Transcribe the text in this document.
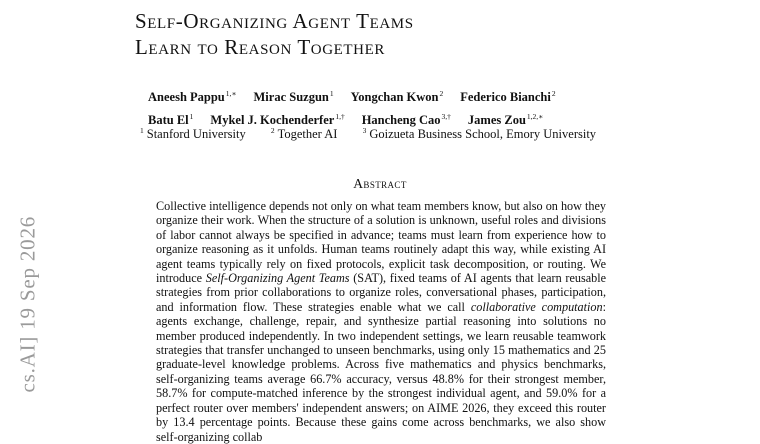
Self-Organizing Agent Teams
Learn to Reason Together
Aneesh Pappu$^{1,∗}$ Mirac Suzgun$^1$ Yongchan Kwon$^2$ Federico Bianchi$^2$
Batu El$^1$ Mykel J. Kochenderfer$^{1,\dagger}$ Hancheng Cao$^{3,\dagger}$ James Zou$^{1,2,∗}$
$^1$ Stanford University	$^2$ Together AI	$^3$ Goizueta Business School, Emory University
Abstract

Collective intelligence depends not only on what team members know, but also on how they organize their work. When the structure of a solution is unknown, useful roles and divisions of labor cannot always be specified in advance; teams must learn from experience how to organize reasoning as it unfolds. Human teams routinely adapt this way, while existing AI agent teams typically rely on fixed protocols, explicit task decomposition, or routing. We introduce Self-Organizing Agent Teams (SAT), fixed teams of AI agents that learn reusable strategies from prior collaborations to organize roles, conversational phases, participation, and information flow. These strategies enable what we call collaborative computation: agents exchange, challenge, repair, and synthesize partial reasoning into solutions no member produced independently. In two independent settings, we learn reusable teamwork strategies that transfer unchanged to unseen benchmarks, using only 15 mathematics and 25 graduate-level knowledge problems. Across five mathematics and physics benchmarks, self-organizing teams average 66.7% accuracy, versus 48.8% for their strongest member, 58.7% for compute-matched inference by the strongest individual agent, and 59.0% for a perfect router over members' independent answers; on AIME 2026, they exceed this router by 13.4 percentage points. Because these gains come across benchmarks, we also show self-organizing collab

cs.AI] 19 Sep 2026
